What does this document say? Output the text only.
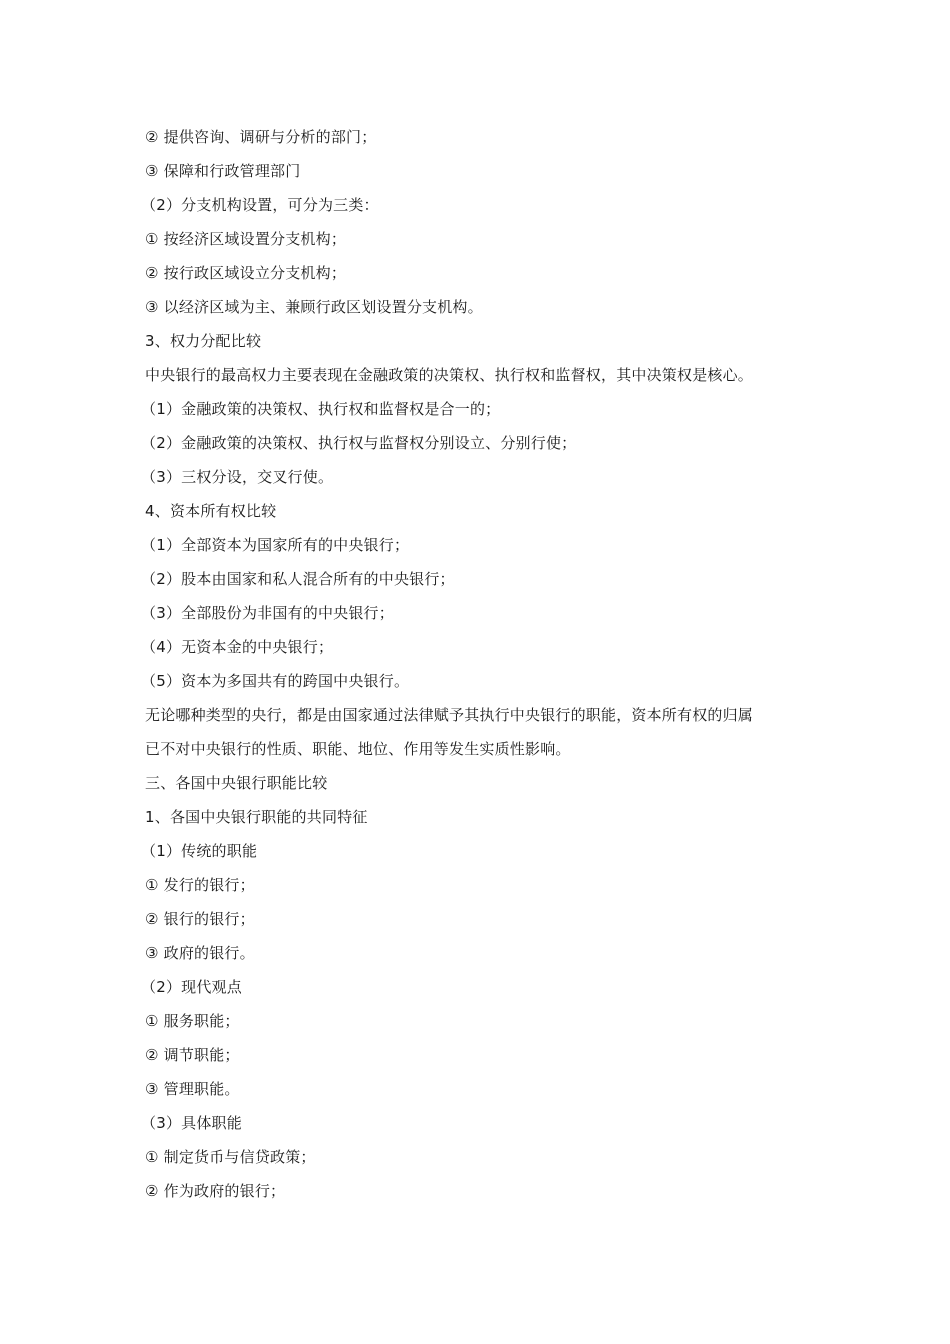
② 提供咨询、调研与分析的部门；
③ 保障和行政管理部门
（2）分支机构设置，可分为三类：
① 按经济区域设置分支机构；
② 按行政区域设立分支机构；
③ 以经济区域为主、兼顾行政区划设置分支机构。
3、权力分配比较
中央银行的最高权力主要表现在金融政策的决策权、执行权和监督权，其中决策权是核心。
（1）金融政策的决策权、执行权和监督权是合一的；
（2）金融政策的决策权、执行权与监督权分别设立、分别行使；
（3）三权分设，交叉行使。
4、资本所有权比较
（1）全部资本为国家所有的中央银行；
（2）股本由国家和私人混合所有的中央银行；
（3）全部股份为非国有的中央银行；
（4）无资本金的中央银行；
（5）资本为多国共有的跨国中央银行。
无论哪种类型的央行，都是由国家通过法律赋予其执行中央银行的职能，资本所有权的归属
已不对中央银行的性质、职能、地位、作用等发生实质性影响。
三、各国中央银行职能比较
1、各国中央银行职能的共同特征
（1）传统的职能
① 发行的银行；
② 银行的银行；
③ 政府的银行。
（2）现代观点
① 服务职能；
② 调节职能；
③ 管理职能。
（3）具体职能
① 制定货币与信贷政策；
② 作为政府的银行；
